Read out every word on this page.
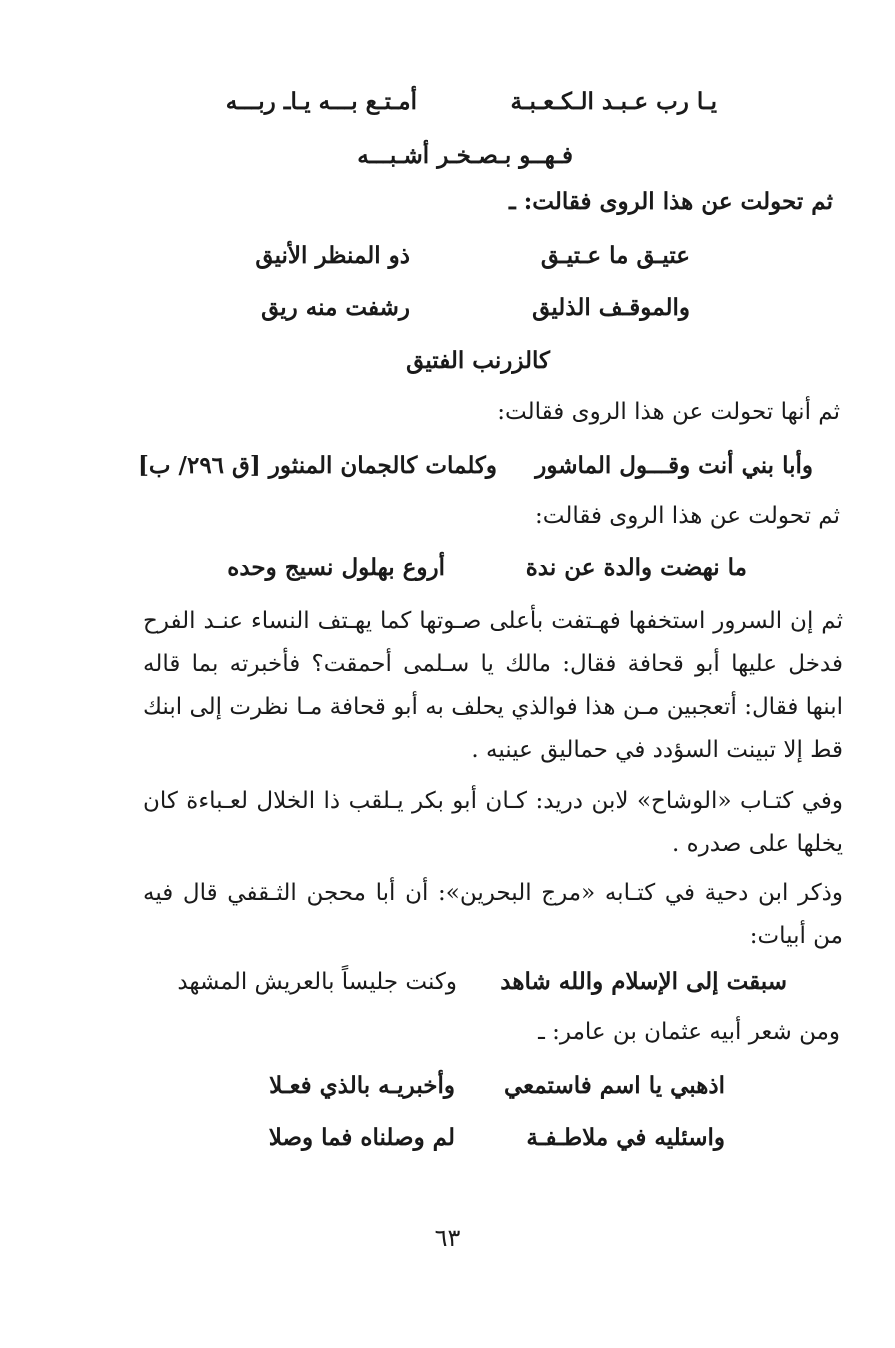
يـا رب عـبـد الـكـعـبـة
أمـتـع بـــه يـاـ ربـــه
فـهــو بـصـخـر أشـبـــه
ثم تحولت عن هذا الروى فقالت: ـ
عتيـق ما عـتيـق
ذو المنظر الأنيق
والموقـف الذليق
رشفت منه ريق
كالزرنب الفتيق
ثم أنها تحولت عن هذا الروى فقالت:
وأبا بني أنت وقـــول الماشور
وكلمات كالجمان المنثور [ق ٢٩٦/ ب]
ثم تحولت عن هذا الروى فقالت:
ما نهضت والدة عن ندة
أروع بهلول نسيج وحده
ثم إن السرور استخفها فهـتفت بأعلى صـوتها كما يهـتف النساء عنـد الفرح فدخل عليها أبو قحافة فقال: مالك يا سـلمى أحمقت؟ فأخبرته بما قاله ابنها فقال: أتعجبين مـن هذا فوالذي يحلف به أبو قحافة مـا نظرت إلى ابنك قط إلا تبينت السؤدد في حماليق عينيه .
وفي كتـاب «الوشاح» لابن دريد: كـان أبو بكر يـلقب ذا الخلال لعـباءة كان يخلها على صدره .
وذكر ابن دحية في كتـابه «مرج البحرين»: أن أبا محجن الثـقفي قال فيه من أبيات:
سبقت إلى الإسلام والله شاهد
وكنت جليساً بالعريش المشهد
ومن شعر أبيه عثمان بن عامر: ـ
اذهبي يا اسم فاستمعي
وأخبريـه بالذي فعـلا
واسئليه في ملاطـفـة
لم وصلناه فما وصلا
٦٣
